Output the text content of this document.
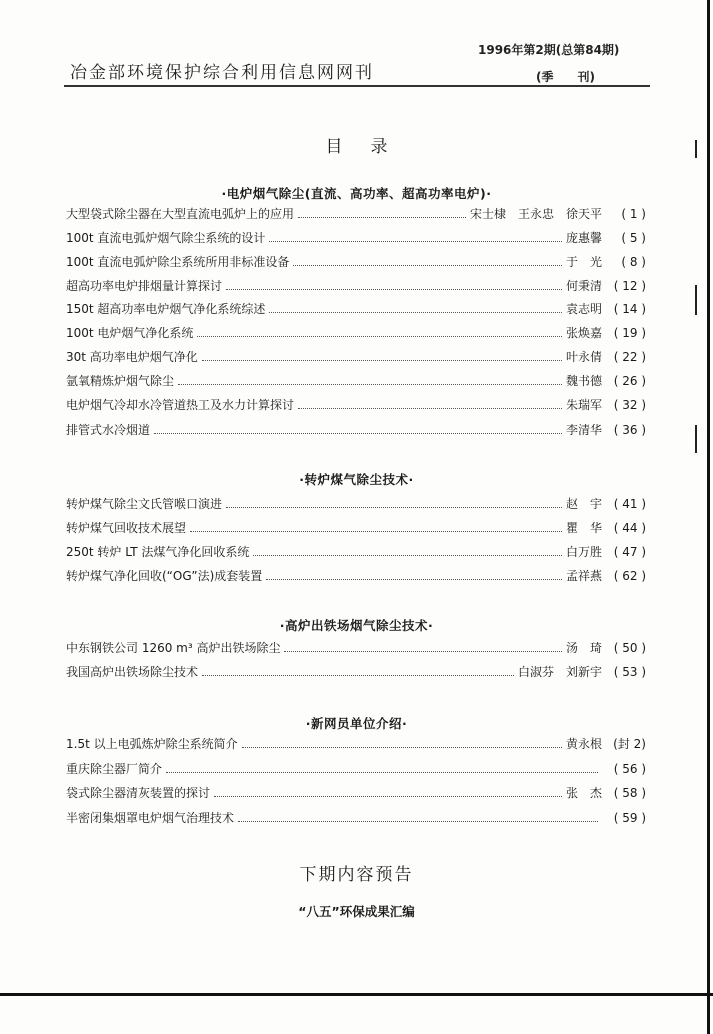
冶金部环境保护综合利用信息网网刊
1996年第2期(总第84期)
(季　　刊)
目录
·电炉烟气除尘(直流、高功率、超高功率电炉)·
大型袋式除尘器在大型直流电弧炉上的应用	宋士棣　王永忠　徐天平	( 1 )
100t 直流电弧炉烟气除尘系统的设计	庞惠馨	( 5 )
100t 直流电弧炉除尘系统所用非标准设备	于　光	( 8 )
超高功率电炉排烟量计算探讨	何秉清 ( 12 )
150t 超高功率电炉烟气净化系统综述	袁志明 ( 14 )
100t 电炉烟气净化系统	张焕嘉 ( 19 )
30t 高功率电炉烟气净化	叶永倩 ( 22 )
氩氧精炼炉烟气除尘	魏书德 ( 26 )
电炉烟气冷却水冷管道热工及水力计算探讨	朱瑞军 ( 32 )
排管式水冷烟道	李清华 ( 36 )
·转炉煤气除尘技术·
转炉煤气除尘文氏管喉口演进	赵　宇 ( 41 )
转炉煤气回收技术展望	瞿　华 ( 44 )
250t 转炉 LT 法煤气净化回收系统	白万胜 ( 47 )
转炉煤气净化回收(“OG”法)成套装置	孟祥燕 ( 62 )
·高炉出铁场烟气除尘技术·
中东钢铁公司 1260 m³ 高炉出铁场除尘	汤　琦 ( 50 )
我国高炉出铁场除尘技术	白淑芬　刘新宇 ( 53 )
·新网员单位介绍·
1.5t 以上电弧炼炉除尘系统简介	黄永根 (封 2)
重庆除尘器厂简介	( 56 )
袋式除尘器清灰装置的探讨	张　杰 ( 58 )
半密闭集烟罩电炉烟气治理技术	( 59 )
下期内容预告
“八五”环保成果汇编
